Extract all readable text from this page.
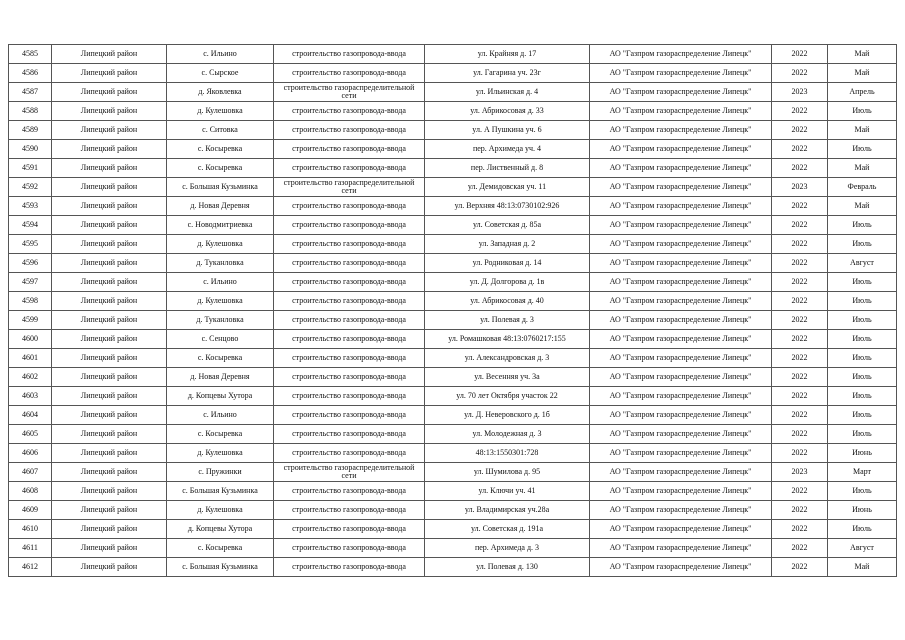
4585	Липецкий район	с. Ильино	строительство газопровода-ввода	ул. Крайняя д. 17	АО "Газпром газораспределение Липецк"	2022	Май
4586	Липецкий район	с. Сырское	строительство газопровода-ввода	ул. Гагарина уч. 23г	АО "Газпром газораспределение Липецк"	2022	Май
4587	Липецкий район	д. Яковлевка	строительство газораспределительной сети	ул. Ильинская д. 4	АО "Газпром газораспределение Липецк"	2023	Апрель
4588	Липецкий район	д. Кулешовка	строительство газопровода-ввода	ул. Абрикосовая д. 33	АО "Газпром газораспределение Липецк"	2022	Июль
4589	Липецкий район	с. Ситовка	строительство газопровода-ввода	ул. А Пушкина уч. 6	АО "Газпром газораспределение Липецк"	2022	Май
4590	Липецкий район	с. Косыревка	строительство газопровода-ввода	пер. Архимеда уч. 4	АО "Газпром газораспределение Липецк"	2022	Июль
4591	Липецкий район	с. Косыревка	строительство газопровода-ввода	пер. Лиственный д. 8	АО "Газпром газораспределение Липецк"	2022	Май
4592	Липецкий район	с. Большая Кузьминка	строительство газораспределительной сети	ул. Демидовская уч. 11	АО "Газпром газораспределение Липецк"	2023	Февраль
4593	Липецкий район	д. Новая Деревня	строительство газопровода-ввода	ул. Верхняя 48:13:0730102:926	АО "Газпром газораспределение Липецк"	2022	Май
4594	Липецкий район	с. Новодмитриевка	строительство газопровода-ввода	ул. Советская д. 85а	АО "Газпром газораспределение Липецк"	2022	Июль
4595	Липецкий район	д. Кулешовка	строительство газопровода-ввода	ул. Западная д. 2	АО "Газпром газораспределение Липецк"	2022	Июль
4596	Липецкий район	д. Туканловка	строительство газопровода-ввода	ул. Родниковая д. 14	АО "Газпром газораспределение Липецк"	2022	Август
4597	Липецкий район	с. Ильино	строительство газопровода-ввода	ул. Д. Долгорова д. 1в	АО "Газпром газораспределение Липецк"	2022	Июль
4598	Липецкий район	д. Кулешовка	строительство газопровода-ввода	ул. Абрикосовая д. 40	АО "Газпром газораспределение Липецк"	2022	Июль
4599	Липецкий район	д. Туканловка	строительство газопровода-ввода	ул. Полевая д. 3	АО "Газпром газораспределение Липецк"	2022	Июль
4600	Липецкий район	с. Сенцово	строительство газопровода-ввода	ул. Ромашковая 48:13:0760217:155	АО "Газпром газораспределение Липецк"	2022	Июль
4601	Липецкий район	с. Косыревка	строительство газопровода-ввода	ул. Александровская д. 3	АО "Газпром газораспределение Липецк"	2022	Июль
4602	Липецкий район	д. Новая Деревня	строительство газопровода-ввода	ул. Весенняя уч. 3а	АО "Газпром газораспределение Липецк"	2022	Июль
4603	Липецкий район	д. Копцевы Хутора	строительство газопровода-ввода	ул. 70 лет Октября участок 22	АО "Газпром газораспределение Липецк"	2022	Июль
4604	Липецкий район	с. Ильино	строительство газопровода-ввода	ул. Д. Неверовского д. 1б	АО "Газпром газораспределение Липецк"	2022	Июль
4605	Липецкий район	с. Косыревка	строительство газопровода-ввода	ул. Молодежная д. 3	АО "Газпром газораспределение Липецк"	2022	Июль
4606	Липецкий район	д. Кулешовка	строительство газопровода-ввода	48:13:1550301:728	АО "Газпром газораспределение Липецк"	2022	Июнь
4607	Липецкий район	с. Пружинки	строительство газораспределительной сети	ул. Шумилова д. 95	АО "Газпром газораспределение Липецк"	2023	Март
4608	Липецкий район	с. Большая Кузьминка	строительство газопровода-ввода	ул. Ключи уч. 41	АО "Газпром газораспределение Липецк"	2022	Июль
4609	Липецкий район	д. Кулешовка	строительство газопровода-ввода	ул. Владимирская уч.28а	АО "Газпром газораспределение Липецк"	2022	Июнь
4610	Липецкий район	д. Копцевы Хутора	строительство газопровода-ввода	ул. Советская д. 191а	АО "Газпром газораспределение Липецк"	2022	Июль
4611	Липецкий район	с. Косыревка	строительство газопровода-ввода	пер. Архимеда д. 3	АО "Газпром газораспределение Липецк"	2022	Август
4612	Липецкий район	с. Большая Кузьминка	строительство газопровода-ввода	ул. Полевая д. 130	АО "Газпром газораспределение Липецк"	2022	Май
